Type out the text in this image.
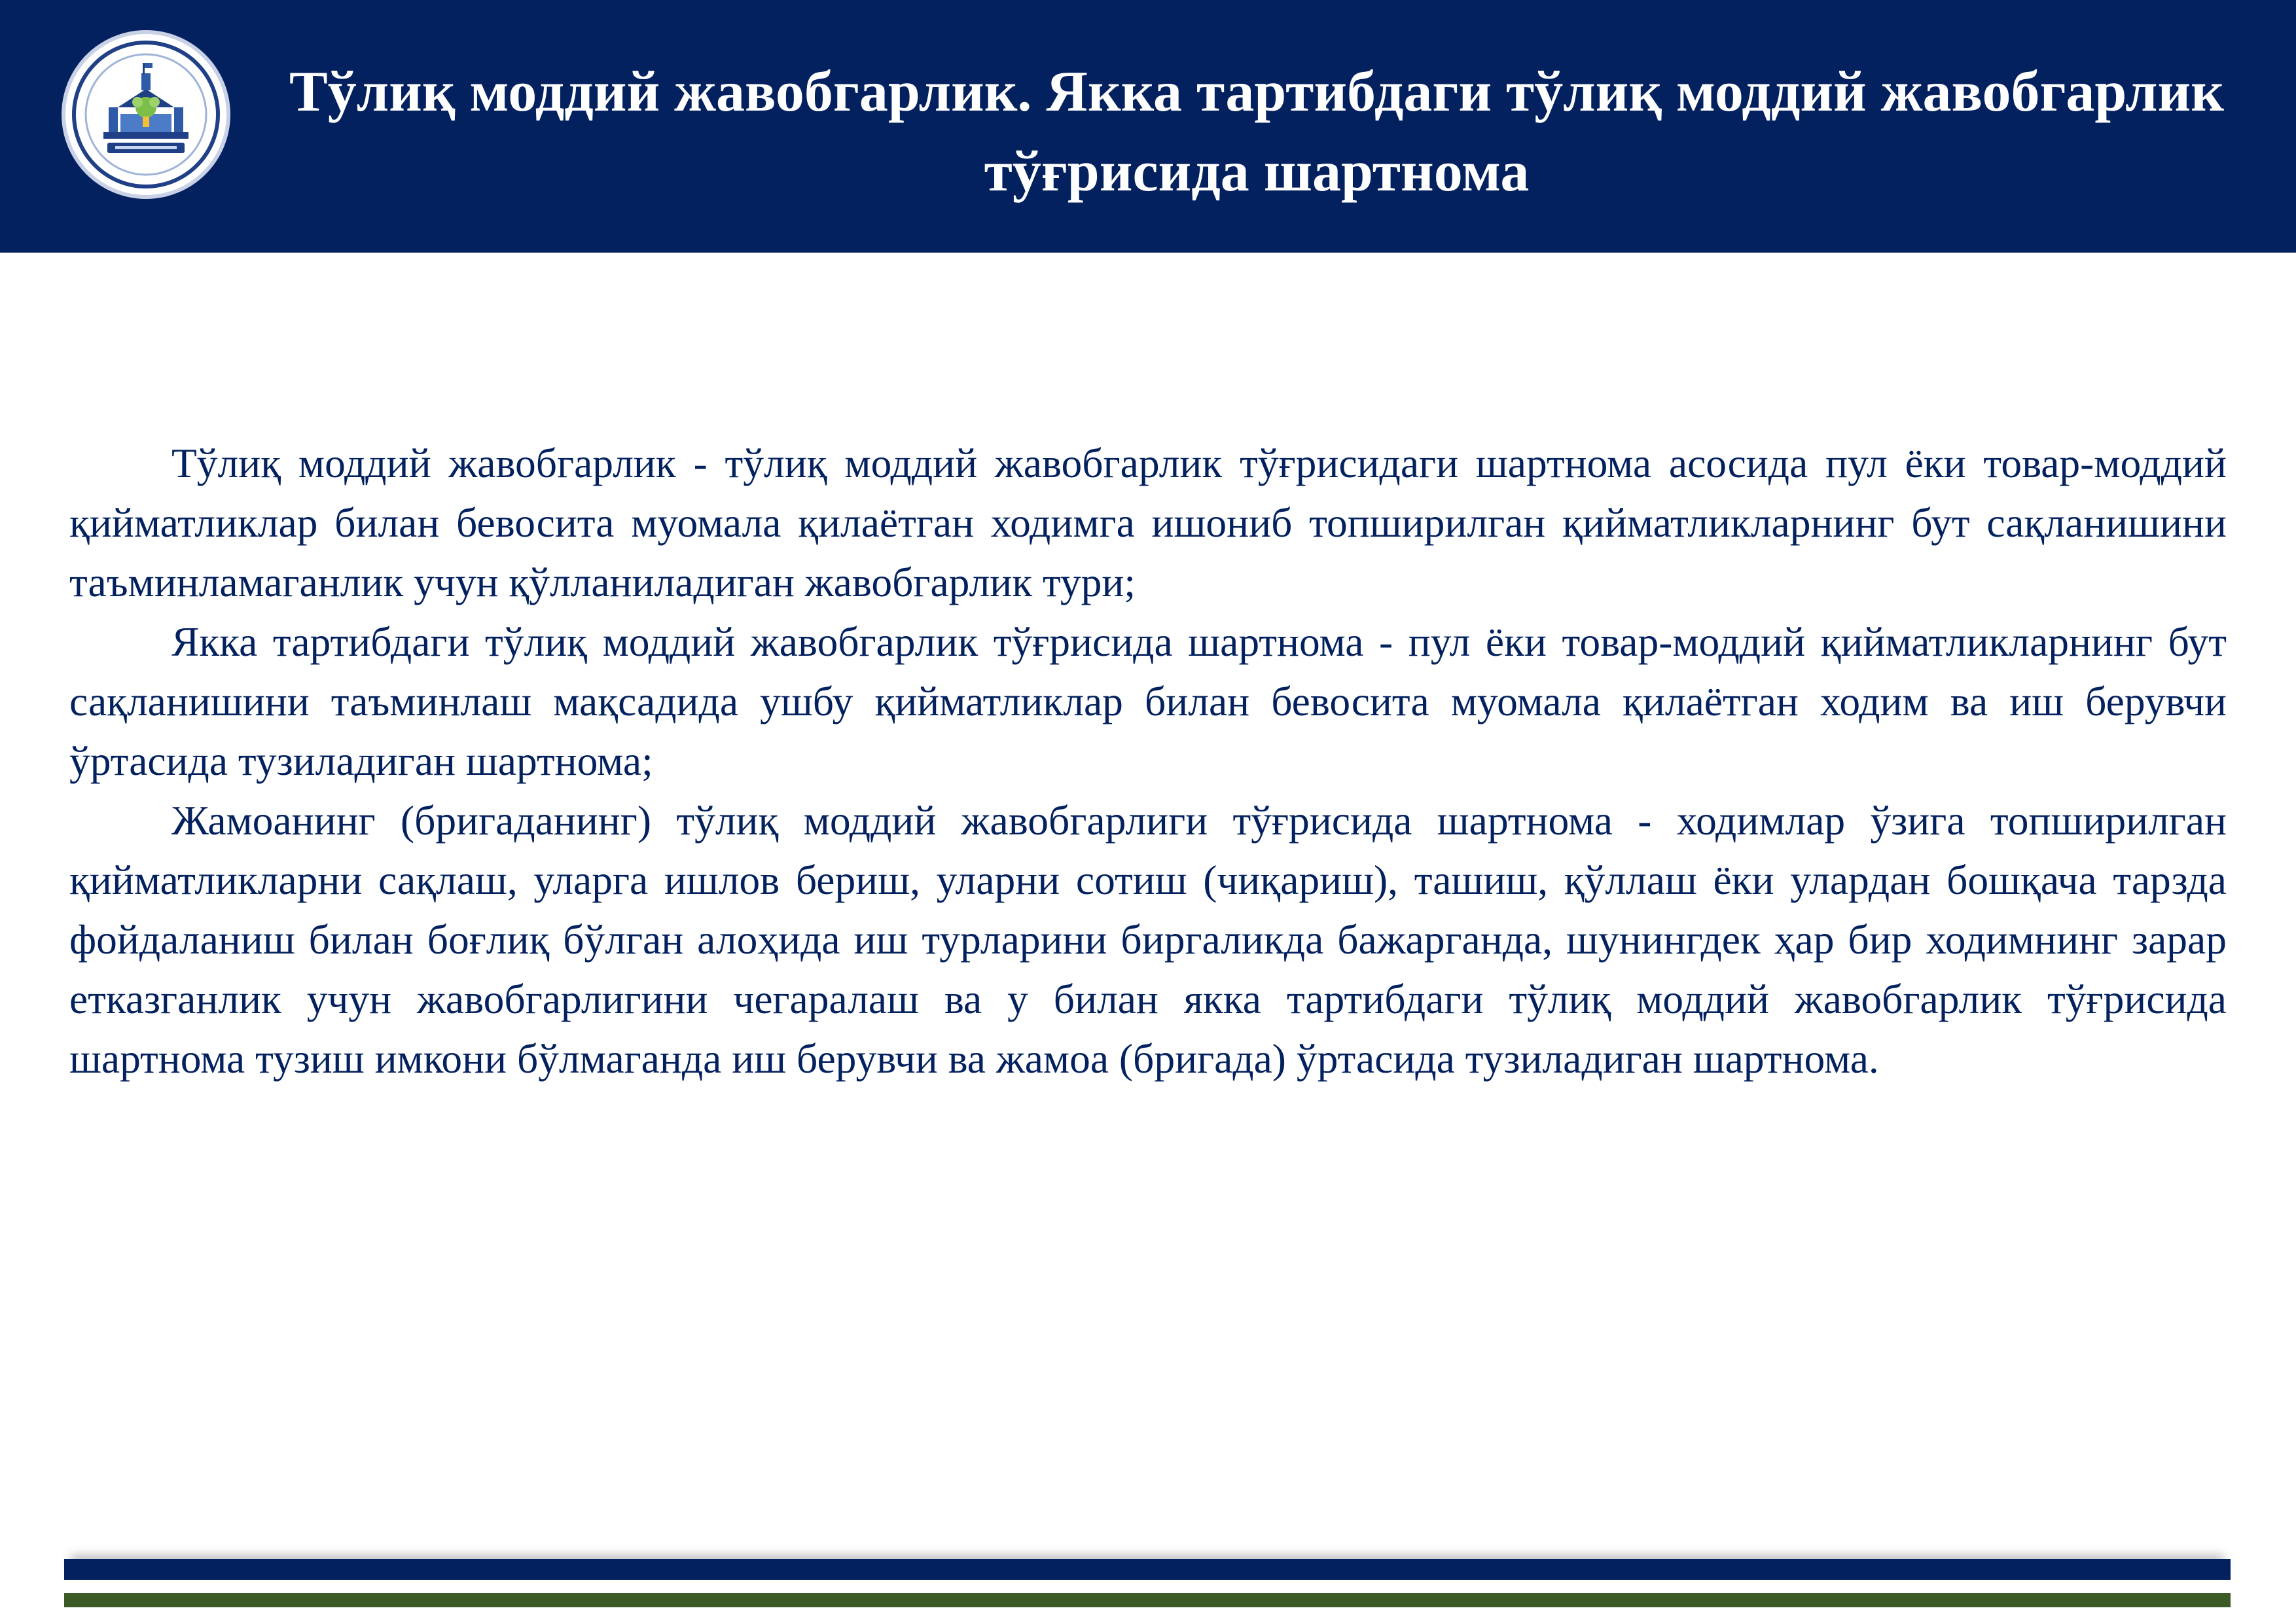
Тўлиқ моддий жавобгарлик. Якка тартибдаги тўлиқ моддий жавобгарлик тўғрисида шартнома

Тўлиқ моддий жавобгарлик - тўлиқ моддий жавобгарлик тўғрисидаги шартнома асосида пул ёки товар-моддий қийматликлар билан бевосита муомала қилаётган ходимга ишониб топширилган қийматликларнинг бут сақланишини таъминламаганлик учун қўлланиладиган жавобгарлик тури;

Якка тартибдаги тўлиқ моддий жавобгарлик тўғрисида шартнома - пул ёки товар-моддий қийматликларнинг бут сақланишини таъминлаш мақсадида ушбу қийматликлар билан бевосита муомала қилаётган ходим ва иш берувчи ўртасида тузиладиган шартнома;

Жамоанинг (бригаданинг) тўлиқ моддий жавобгарлиги тўғрисида шартнома - ходимлар ўзига топширилган қийматликларни сақлаш, уларга ишлов бериш, уларни сотиш (чиқариш), ташиш, қўллаш ёки улардан бошқача тарзда фойдаланиш билан боғлиқ бўлган алоҳида иш турларини биргаликда бажарганда, шунингдек ҳар бир ходимнинг зарар етказганлик учун жавобгарлигини чегаралаш ва у билан якка тартибдаги тўлиқ моддий жавобгарлик тўғрисида шартнома тузиш имкони бўлмаганда иш берувчи ва жамоа (бригада) ўртасида тузиладиган шартнома.
